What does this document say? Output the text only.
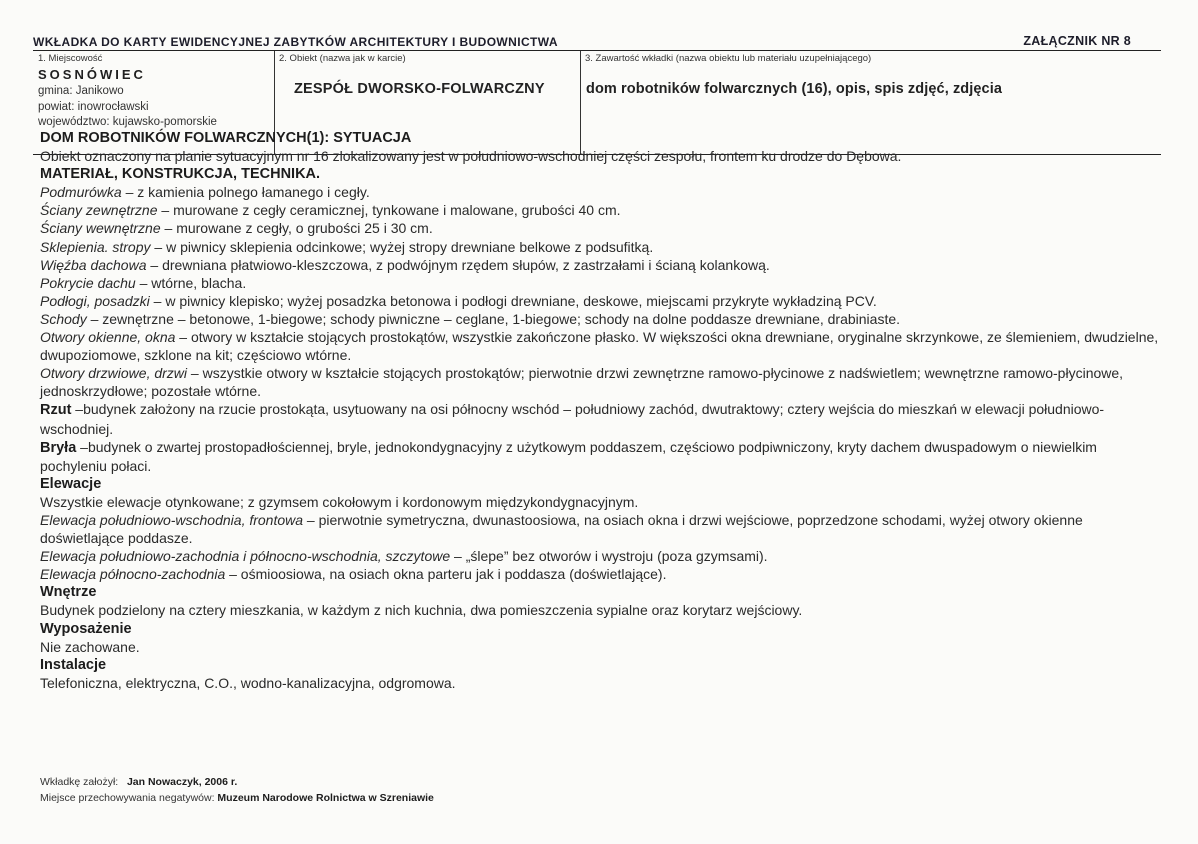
WKŁADKA DO KARTY EWIDENCYJNEJ ZABYTKÓW ARCHITEKTURY I BUDOWNICTWA	ZAŁĄCZNIK NR 8
1. Miejscowość
SOSNÓWIEC
gmina: Janikowo
powiat: inowrocławski
województwo: kujawsko-pomorskie
2. Obiekt (nazwa jak w karcie)
ZESPÓŁ DWORSKO-FOLWARCZNY
3. Zawartość wkładki (nazwa obiektu lub materiału uzupełniającego)
dom robotników folwarcznych (16), opis, spis zdjęć, zdjęcia

DOM ROBOTNIKÓW FOLWARCZNYCH(1): SYTUACJA

Obiekt oznaczony na planie sytuacyjnym nr 16 zlokalizowany jest w południowo-wschodniej części zespołu, frontem ku drodze do Dębowa.

MATERIAŁ, KONSTRUKCJA, TECHNIKA.

Podmurówka – z kamienia polnego łamanego i cegły.

Ściany zewnętrzne – murowane z cegły ceramicznej, tynkowane i malowane, grubości 40 cm.

Ściany wewnętrzne – murowane z cegły, o grubości 25 i 30 cm.

Sklepienia. stropy – w piwnicy sklepienia odcinkowe; wyżej stropy drewniane belkowe z podsufitką.

Więźba dachowa – drewniana płatwiowo-kleszczowa, z podwójnym rzędem słupów, z zastrzałami i ścianą kolankową.

Pokrycie dachu – wtórne, blacha.

Podłogi, posadzki – w piwnicy klepisko; wyżej posadzka betonowa i podłogi drewniane, deskowe, miejscami przykryte wykładziną PCV.

Schody – zewnętrzne – betonowe, 1-biegowe; schody piwniczne – ceglane, 1-biegowe; schody na dolne poddasze drewniane, drabiniaste.

Otwory okienne, okna – otwory w kształcie stojących prostokątów, wszystkie zakończone płasko. W większości okna drewniane, oryginalne skrzynkowe, ze ślemieniem, dwudzielne, dwupoziomowe, szklone na kit; częściowo wtórne.

Otwory drzwiowe, drzwi – wszystkie otwory w kształcie stojących prostokątów; pierwotnie drzwi zewnętrzne ramowo-płycinowe z nadświetlem; wewnętrzne ramowo-płycinowe, jednoskrzydłowe; pozostałe wtórne.

Rzut –budynek założony na rzucie prostokąta, usytuowany na osi północny wschód – południowy zachód, dwutraktowy; cztery wejścia do mieszkań w elewacji południowo-wschodniej.

Bryła –budynek o zwartej prostopadłościennej, bryle, jednokondygnacyjny z użytkowym poddaszem, częściowo podpiwniczony, kryty dachem dwuspadowym o niewielkim pochyleniu połaci.

Elewacje

Wszystkie elewacje otynkowane; z gzymsem cokołowym i kordonowym międzykondygnacyjnym.

Elewacja południowo-wschodnia, frontowa – pierwotnie symetryczna, dwunastoosiowa, na osiach okna i drzwi wejściowe, poprzedzone schodami, wyżej otwory okienne doświetlające poddasze.

Elewacja południowo-zachodnia i północno-wschodnia, szczytowe – „ślepe” bez otworów i wystroju (poza gzymsami).

Elewacja północno-zachodnia – ośmioosiowa, na osiach okna parteru jak i poddasza (doświetlające).

Wnętrze

Budynek podzielony na cztery mieszkania, w każdym z nich kuchnia, dwa pomieszczenia sypialne oraz korytarz wejściowy.

Wyposażenie

Nie zachowane.

Instalacje

Telefoniczna, elektryczna, C.O., wodno-kanalizacyjna, odgromowa.

Wkładkę założył: Jan Nowaczyk, 2006 r.
Miejsce przechowywania negatywów: Muzeum Narodowe Rolnictwa w Szreniawie
